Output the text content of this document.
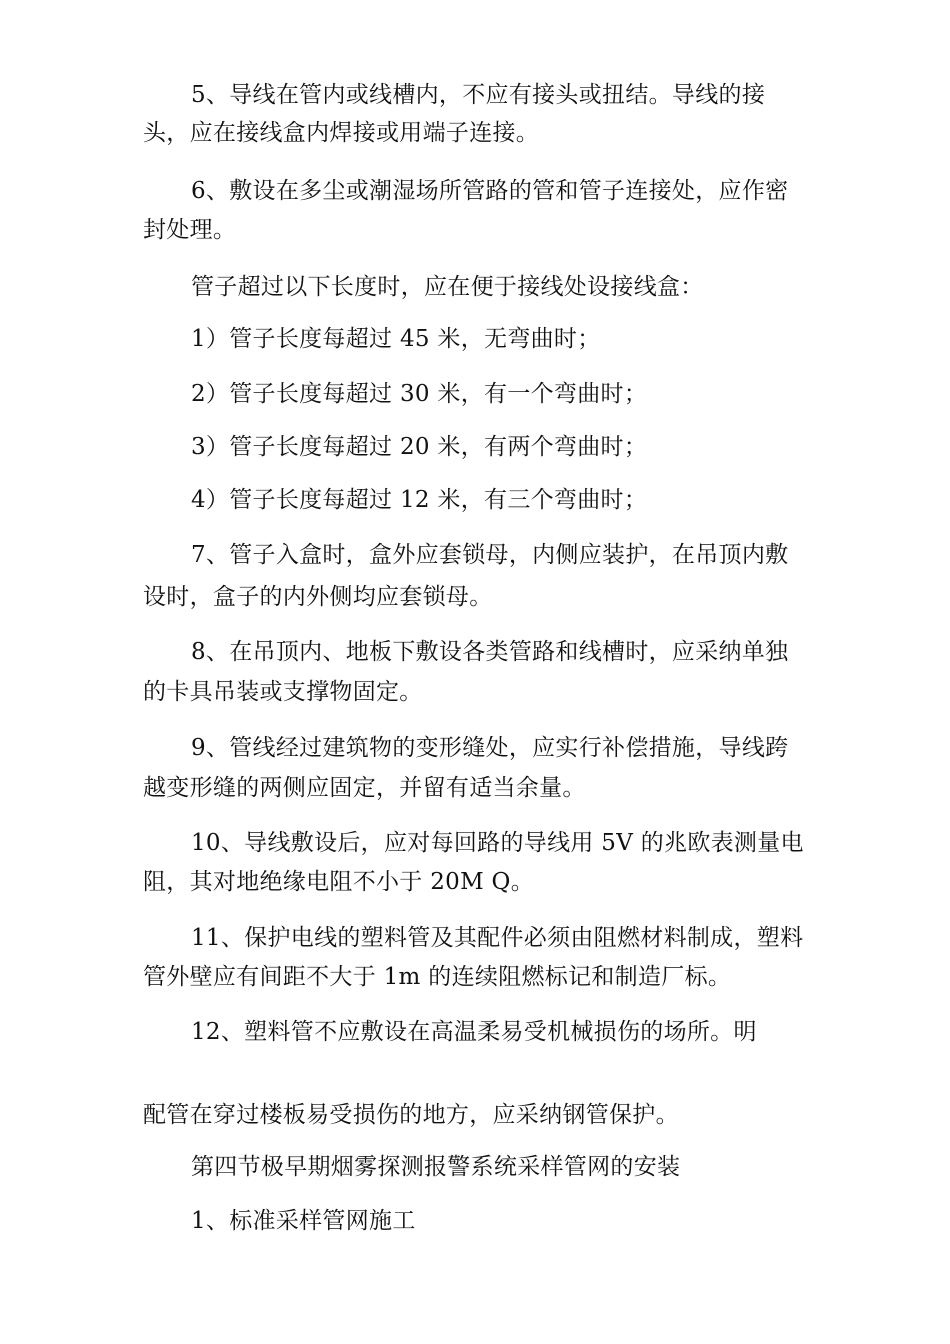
5、导线在管内或线槽内，不应有接头或扭结。导线的接

头，应在接线盒内焊接或用端子连接。

6、敷设在多尘或潮湿场所管路的管和管子连接处，应作密

封处理。

管子超过以下长度时，应在便于接线处设接线盒：

1）管子长度每超过 45 米，无弯曲时；

2）管子长度每超过 30 米，有一个弯曲时；

3）管子长度每超过 20 米，有两个弯曲时；

4）管子长度每超过 12 米，有三个弯曲时；

7、管子入盒时，盒外应套锁母，内侧应装护，在吊顶内敷

设时，盒子的内外侧均应套锁母。

8、在吊顶内、地板下敷设各类管路和线槽时，应采纳单独

的卡具吊装或支撑物固定。

9、管线经过建筑物的变形缝处，应实行补偿措施，导线跨

越变形缝的两侧应固定，并留有适当余量。

10、导线敷设后，应对每回路的导线用 5V 的兆欧表测量电

阻，其对地绝缘电阻不小于 20M Q。

11、保护电线的塑料管及其配件必须由阻燃材料制成，塑料

管外壁应有间距不大于 1m 的连续阻燃标记和制造厂标。

12、塑料管不应敷设在高温柔易受机械损伤的场所。明

配管在穿过楼板易受损伤的地方，应采纳钢管保护。

第四节极早期烟雾探测报警系统采样管网的安装

1、标准采样管网施工
